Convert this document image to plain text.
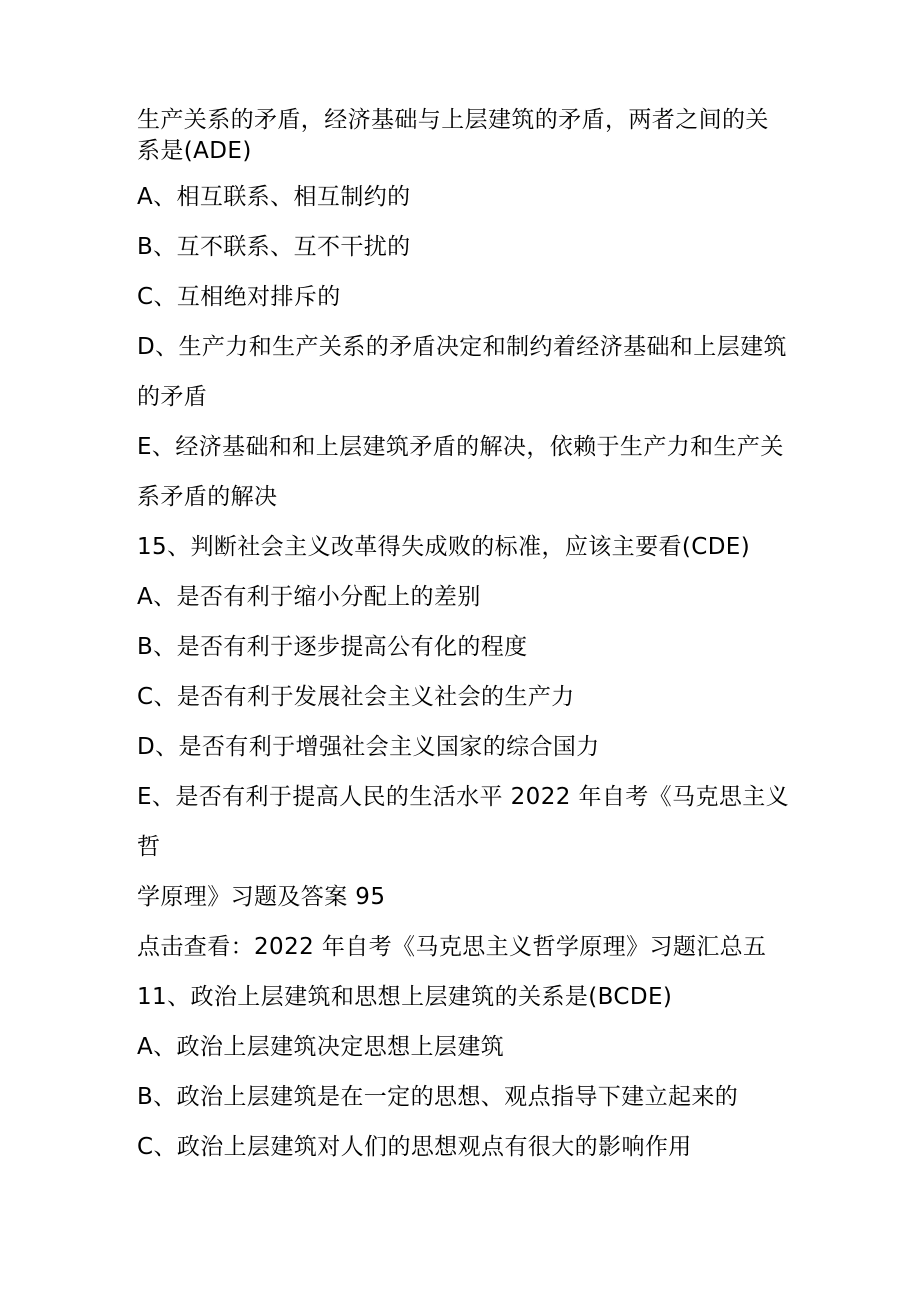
生产关系的矛盾，经济基础与上层建筑的矛盾，两者之间的关
系是(ADE)
A、相互联系、相互制约的
B、互不联系、互不干扰的
C、互相绝对排斥的
D、生产力和生产关系的矛盾决定和制约着经济基础和上层建筑
的矛盾
E、经济基础和和上层建筑矛盾的解决，依赖于生产力和生产关
系矛盾的解决
15、判断社会主义改革得失成败的标准，应该主要看(CDE)
A、是否有利于缩小分配上的差别
B、是否有利于逐步提高公有化的程度
C、是否有利于发展社会主义社会的生产力
D、是否有利于增强社会主义国家的综合国力
E、是否有利于提高人民的生活水平 2022 年自考《马克思主义
哲
学原理》习题及答案 95
点击查看：2022 年自考《马克思主义哲学原理》习题汇总五
11、政治上层建筑和思想上层建筑的关系是(BCDE)
A、政治上层建筑决定思想上层建筑
B、政治上层建筑是在一定的思想、观点指导下建立起来的
C、政治上层建筑对人们的思想观点有很大的影响作用
